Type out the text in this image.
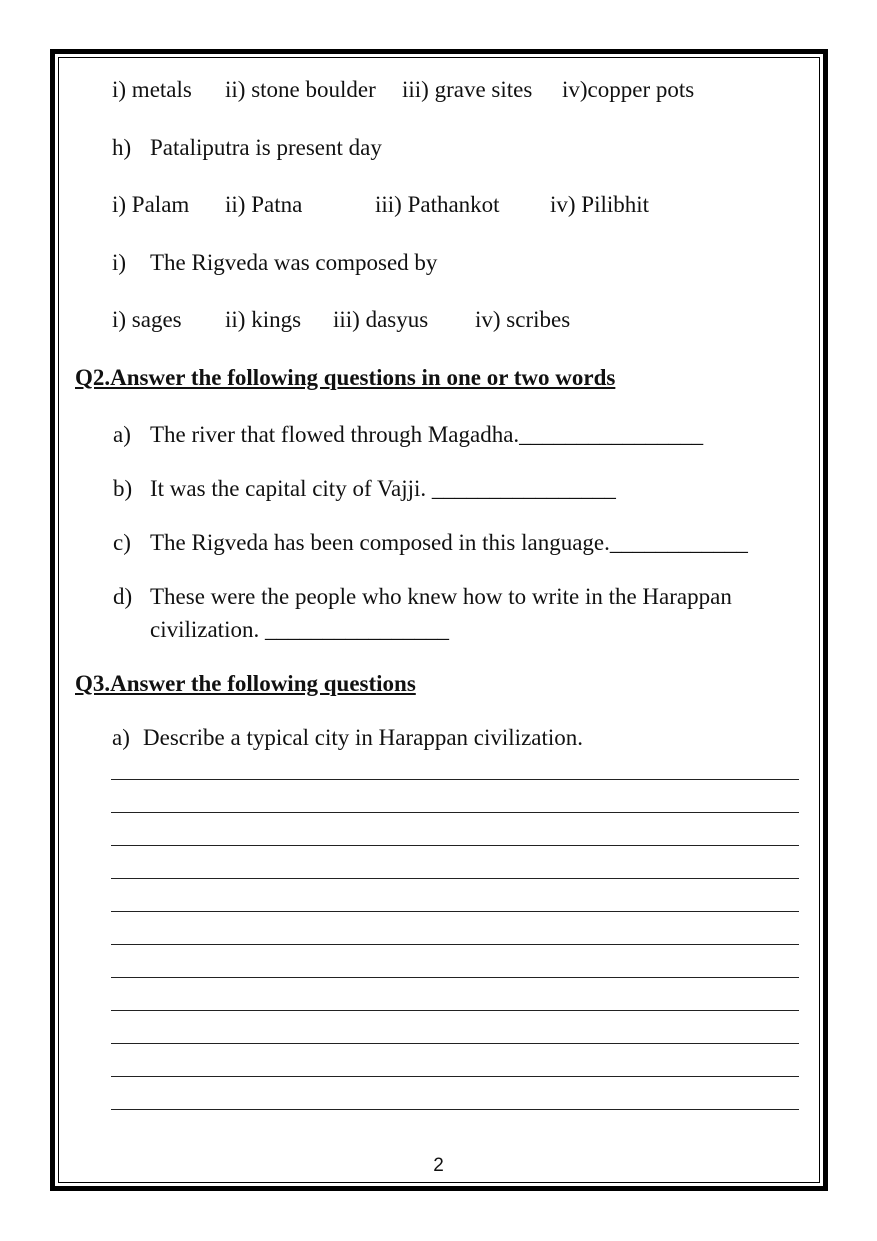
i) metals ii) stone boulder iii) grave sites iv)copper pots
h) Pataliputra is present day
i) Palam ii) Patna	iii) Pathankot iv) Pilibhit
i) The Rigveda was composed by
i) sages ii) kings iii) dasyus iv) scribes
Q2.Answer the following questions in one or two words
a) The river that flowed through Magadha.________________
b) It was the capital city of Vajji. ________________
c) The Rigveda has been composed in this language.____________
d) These were the people who knew how to write in the Harappan
civilization. ________________
Q3.Answer the following questions
a) Describe a typical city in Harappan civilization.
2
